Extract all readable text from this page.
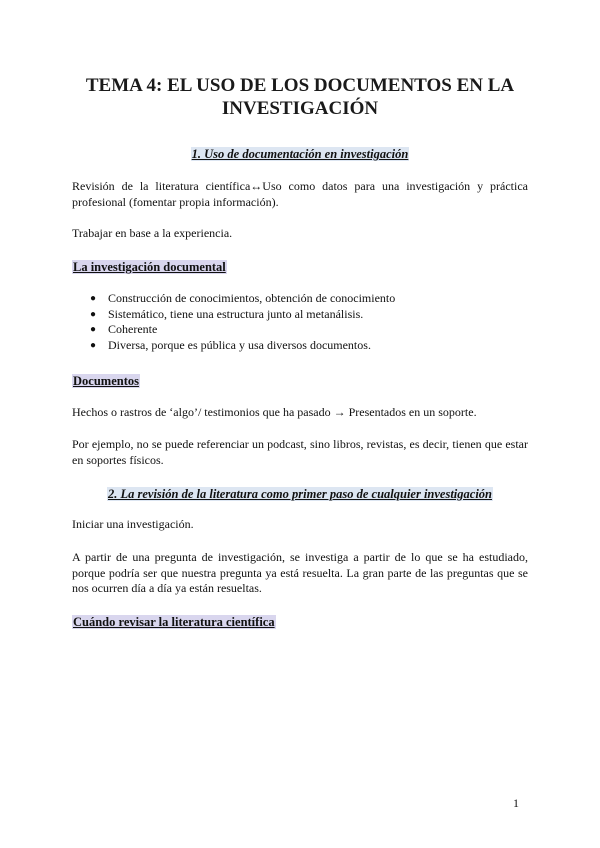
TEMA 4: EL USO DE LOS DOCUMENTOS EN LA
INVESTIGACIÓN
1. Uso de documentación en investigación

Revisión de la literatura científica↔Uso como datos para una investigación y práctica profesional (fomentar propia información).

Trabajar en base a la experiencia.

La investigación documental
● Construcción de conocimientos, obtención de conocimiento
● Sistemático, tiene una estructura junto al metanálisis.
● Coherente
● Diversa, porque es pública y usa diversos documentos.
Documentos

Hechos o rastros de ‘algo’/ testimonios que ha pasado → Presentados en un soporte.

Por ejemplo, no se puede referenciar un podcast, sino libros, revistas, es decir, tienen que estar en soportes físicos.

2. La revisión de la literatura como primer paso de cualquier investigación

Iniciar una investigación.

A partir de una pregunta de investigación, se investiga a partir de lo que se ha estudiado, porque podría ser que nuestra pregunta ya está resuelta. La gran parte de las preguntas que se nos ocurren día a día ya están resueltas.

Cuándo revisar la literatura científica
1
